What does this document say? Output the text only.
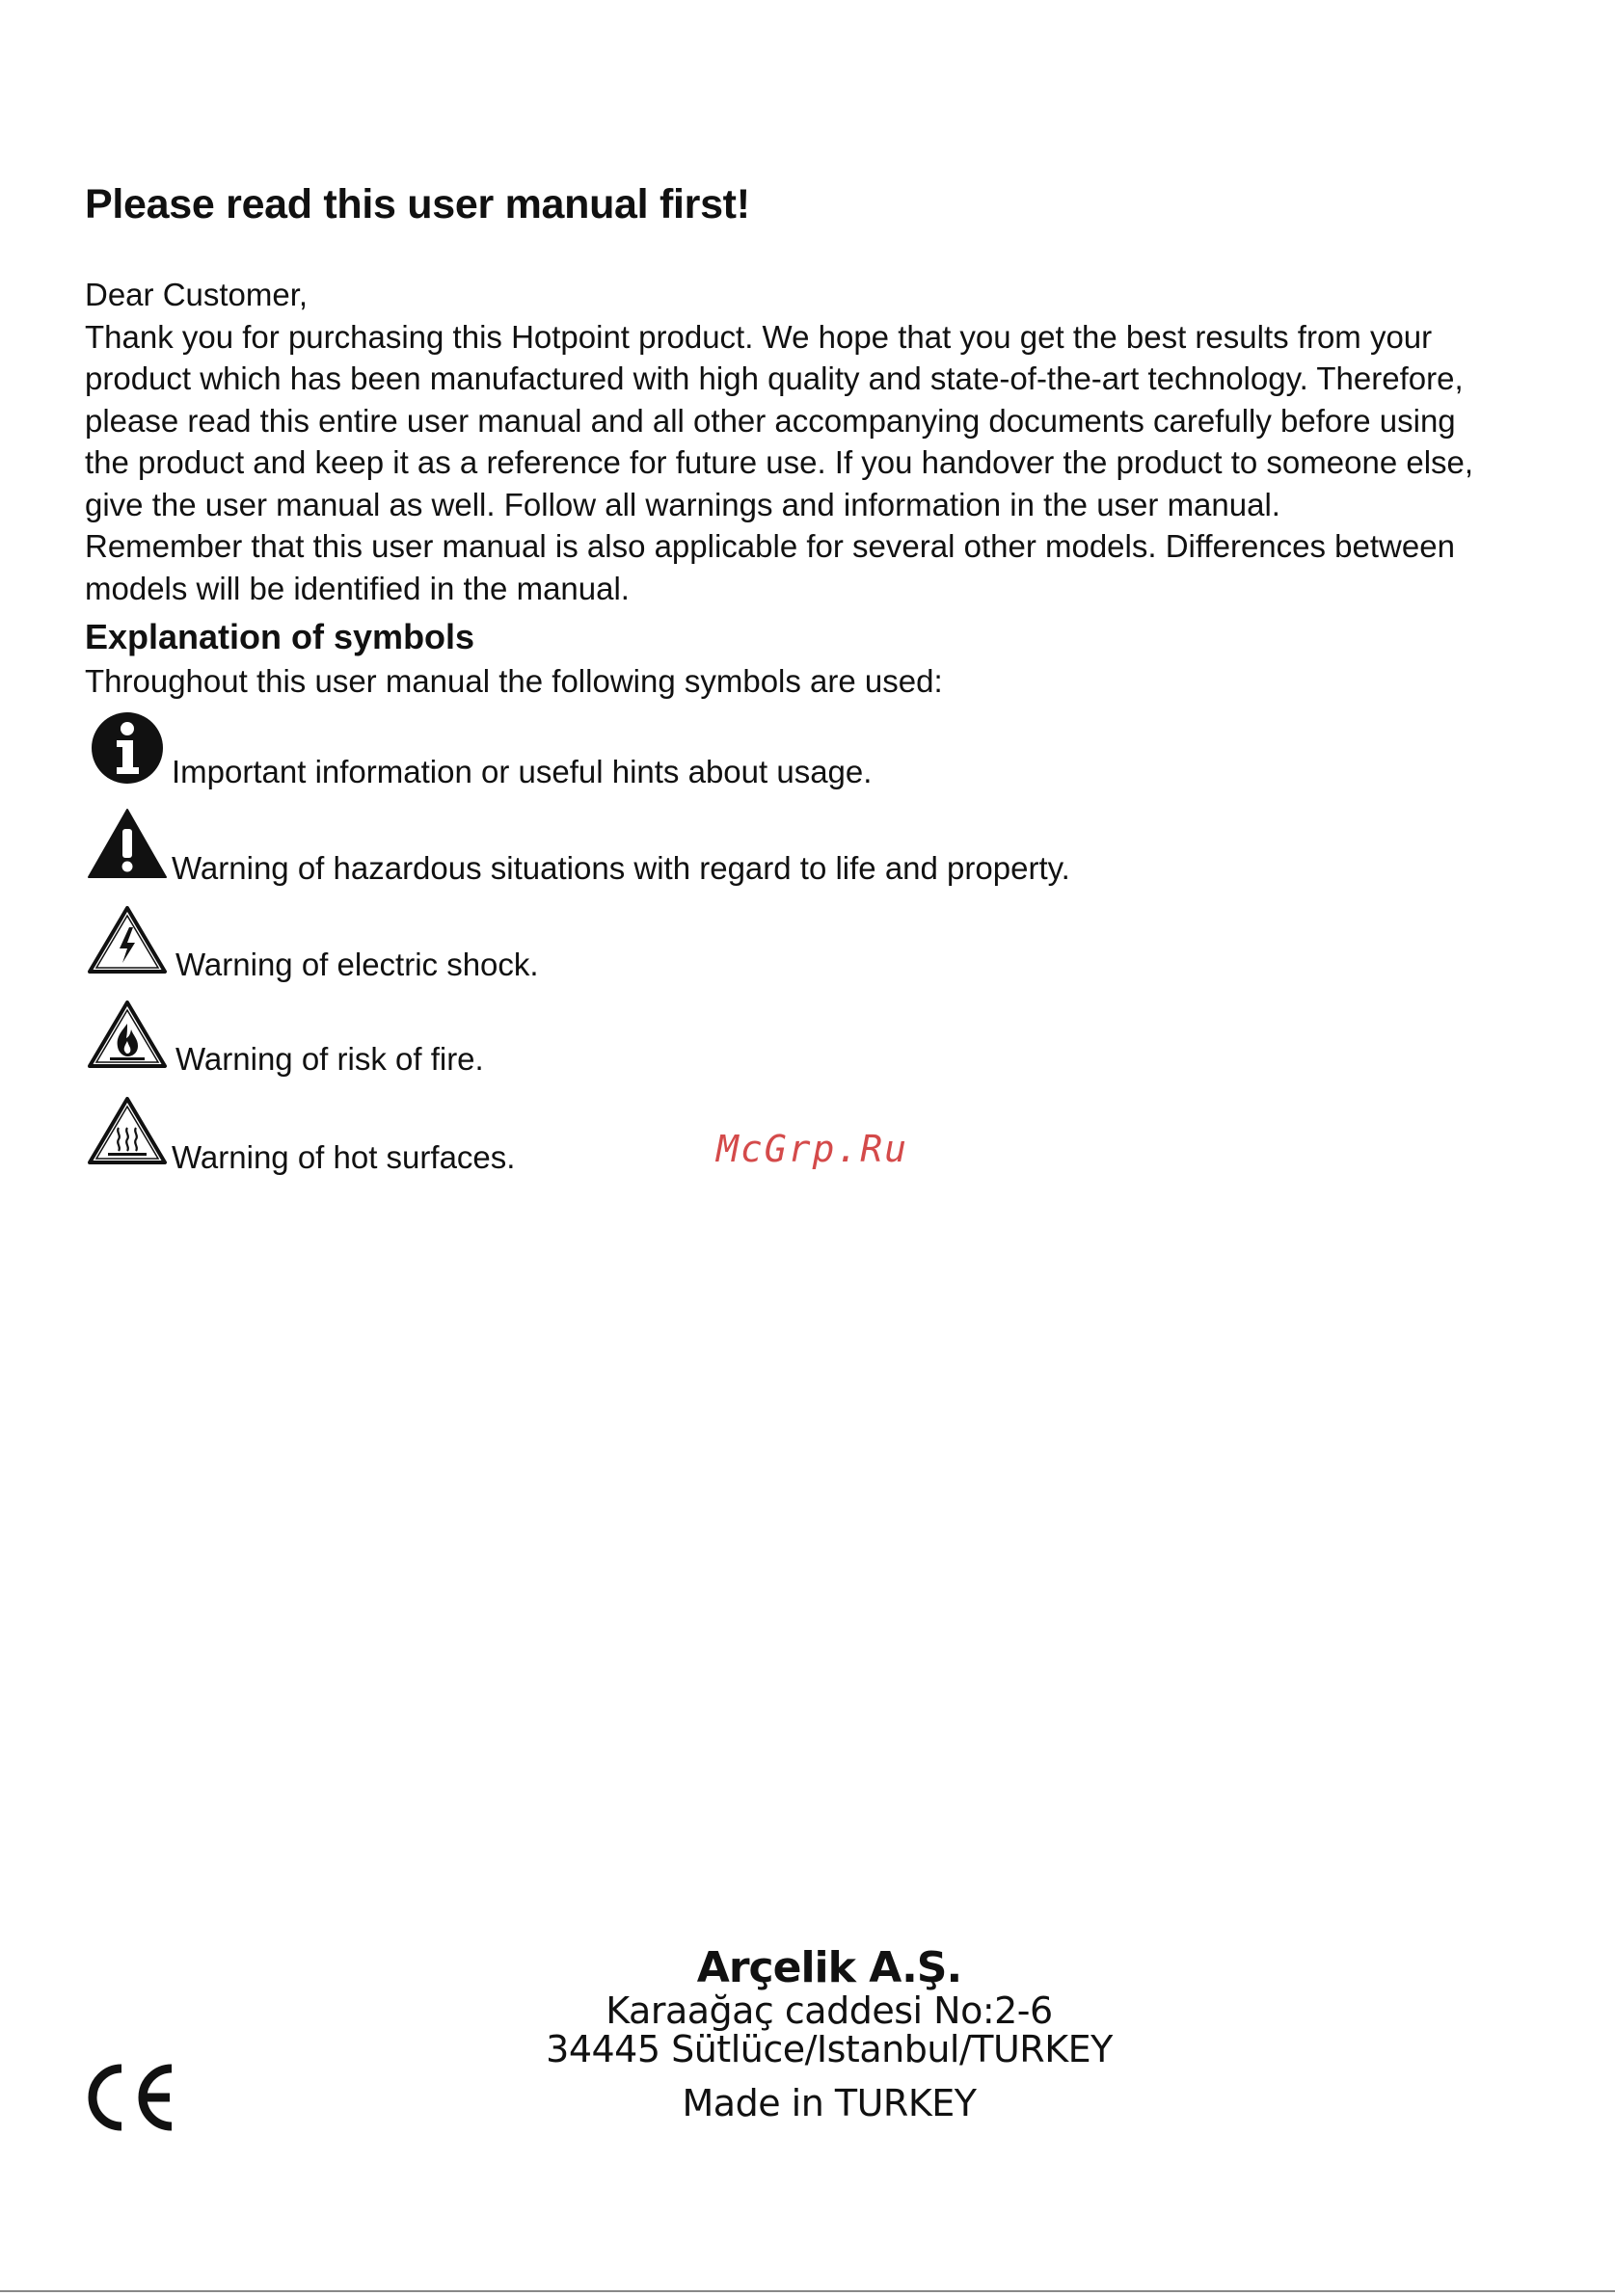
Please read this user manual first!

Dear Customer,

Thank you for purchasing this Hotpoint product. We hope that you get the best results from your

product which has been manufactured with high quality and state-of-the-art technology. Therefore,

please read this entire user manual and all other accompanying documents carefully before using

the product and keep it as a reference for future use. If you handover the product to someone else,

give the user manual as well. Follow all warnings and information in the user manual.

Remember that this user manual is also applicable for several other models. Differences between

models will be identified in the manual.

Explanation of symbols
Throughout this user manual the following symbols are used:
Important information or useful hints about usage.
Warning of hazardous situations with regard to life and property.
Warning of electric shock.
Warning of risk of fire.
Warning of hot surfaces.	McGrp.Ru
Arçelik A.Ş.
Karaağaç caddesi No:2-6
34445 Sütlüce/Istanbul/TURKEY
Made in TURKEY
